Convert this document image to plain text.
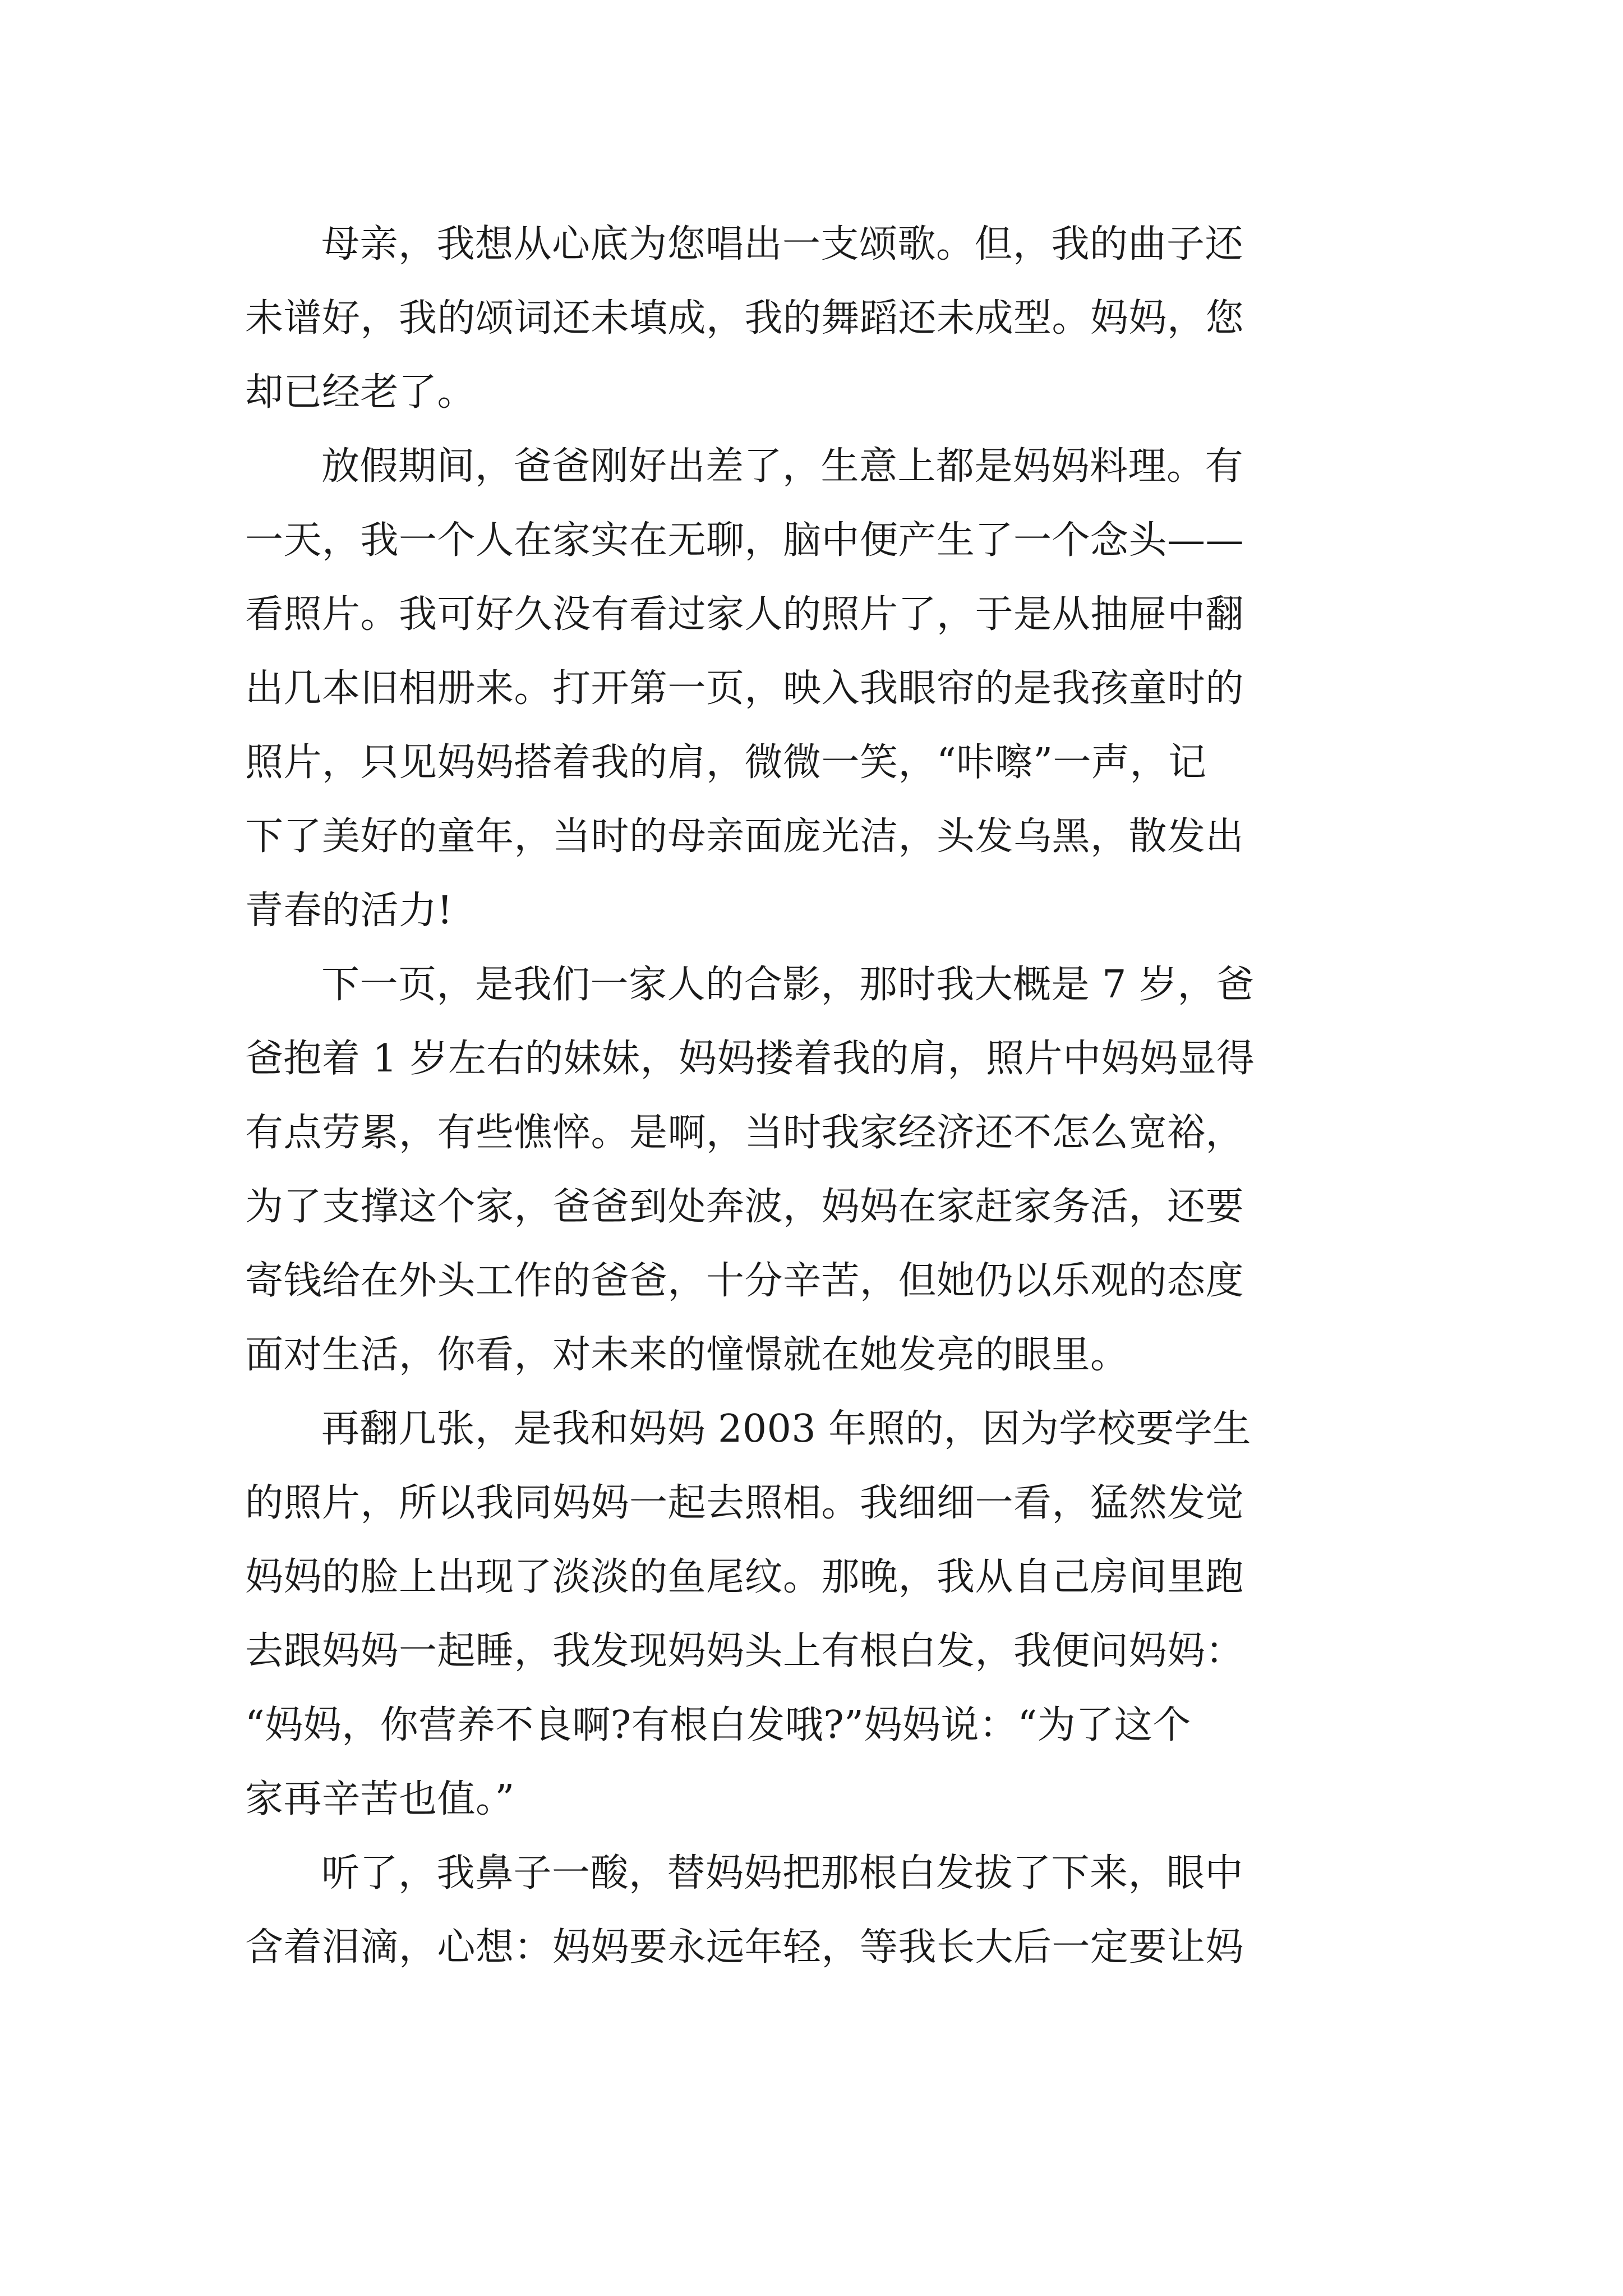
母亲，我想从心底为您唱出一支颂歌。但，我的曲子还
未谱好，我的颂词还未填成，我的舞蹈还未成型。妈妈，您
却已经老了。
放假期间，爸爸刚好出差了，生意上都是妈妈料理。有
一天，我一个人在家实在无聊，脑中便产生了一个念头——
看照片。我可好久没有看过家人的照片了，于是从抽屉中翻
出几本旧相册来。打开第一页，映入我眼帘的是我孩童时的
照片，只见妈妈搭着我的肩，微微一笑，“咔嚓”一声，记
下了美好的童年，当时的母亲面庞光洁，头发乌黑，散发出
青春的活力!
下一页，是我们一家人的合影，那时我大概是 7 岁，爸
爸抱着 1 岁左右的妹妹，妈妈搂着我的肩，照片中妈妈显得
有点劳累，有些憔悴。是啊，当时我家经济还不怎么宽裕，
为了支撑这个家，爸爸到处奔波，妈妈在家赶家务活，还要
寄钱给在外头工作的爸爸，十分辛苦，但她仍以乐观的态度
面对生活，你看，对未来的憧憬就在她发亮的眼里。
再翻几张，是我和妈妈 2003 年照的，因为学校要学生
的照片，所以我同妈妈一起去照相。我细细一看，猛然发觉
妈妈的脸上出现了淡淡的鱼尾纹。那晚，我从自己房间里跑
去跟妈妈一起睡，我发现妈妈头上有根白发，我便问妈妈：
“妈妈，你营养不良啊?有根白发哦?”妈妈说：“为了这个
家再辛苦也值。”
听了，我鼻子一酸，替妈妈把那根白发拔了下来，眼中
含着泪滴，心想：妈妈要永远年轻，等我长大后一定要让妈
